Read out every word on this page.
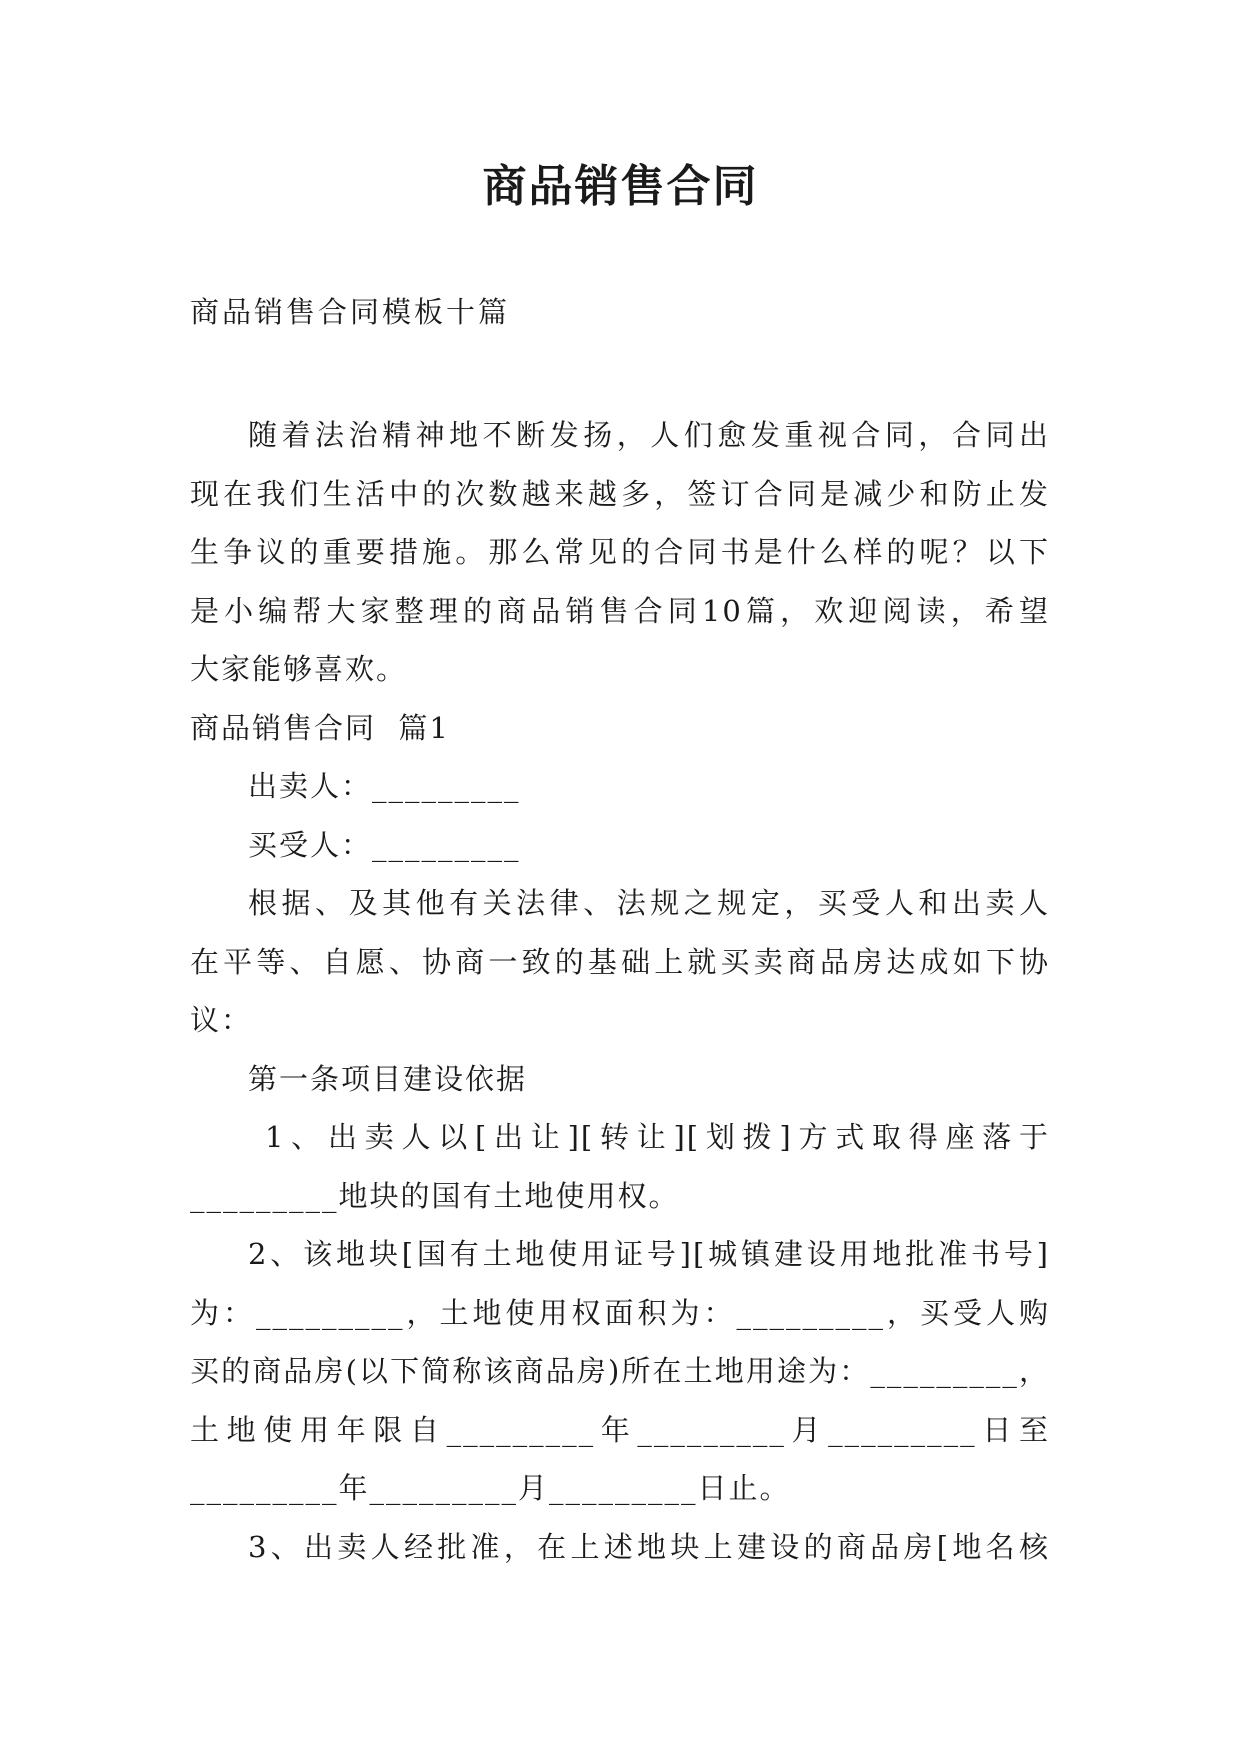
商品销售合同

商品销售合同模板十篇

随着法治精神地不断发扬，人们愈发重视合同，合同出

现在我们生活中的次数越来越多，签订合同是减少和防止发

生争议的重要措施。那么常见的合同书是什么样的呢？以下

是小编帮大家整理的商品销售合同10篇，欢迎阅读，希望

大家能够喜欢。

商品销售合同  篇1

出卖人：_________

买受人：_________

根据、及其他有关法律、法规之规定，买受人和出卖人

在平等、自愿、协商一致的基础上就买卖商品房达成如下协

议：

第一条项目建设依据

1、出卖人以[出让][转让][划拨]方式取得座落于

_________地块的国有土地使用权。

2、该地块[国有土地使用证号][城镇建设用地批准书号]

为：_________，土地使用权面积为：_________，买受人购

买的商品房(以下简称该商品房)所在土地用途为：_________，

土地使用年限自_________年_________月_________日至

_________年_________月_________日止。

3、出卖人经批准，在上述地块上建设的商品房[地名核
